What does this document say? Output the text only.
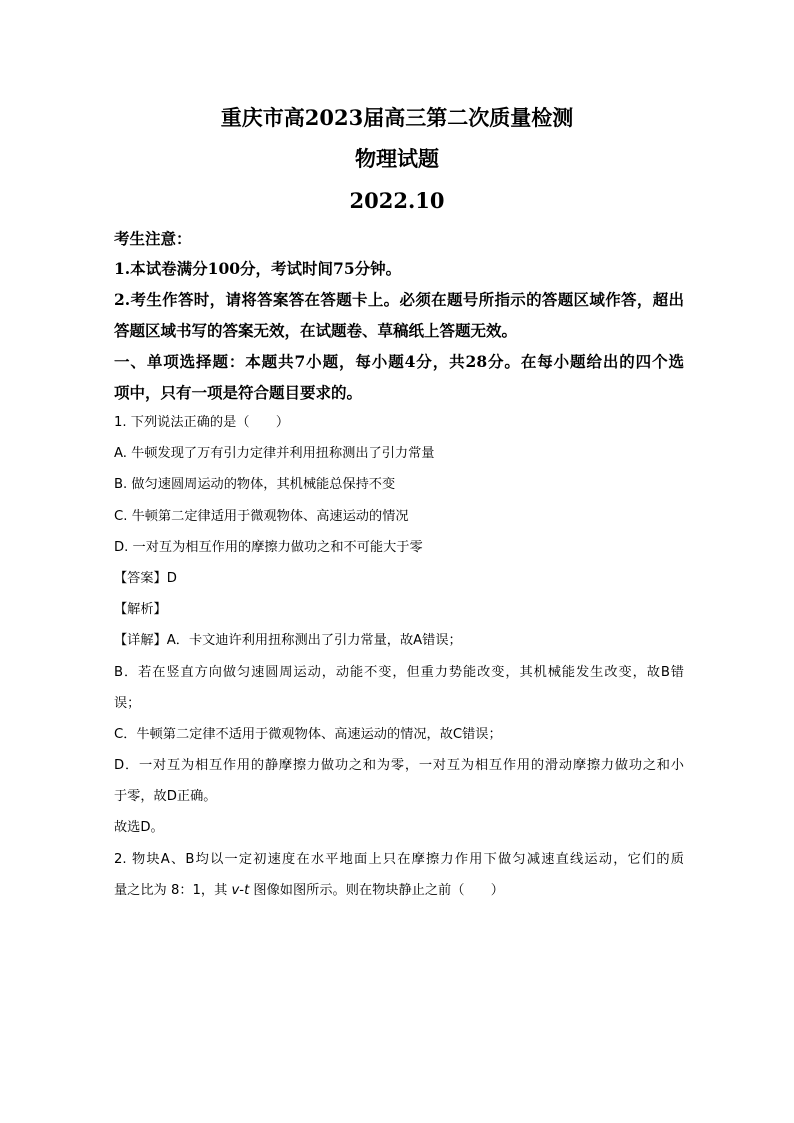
重庆市高2023届高三第二次质量检测
物理试题
2022.10
考生注意：
1.本试卷满分100分，考试时间75分钟。
2.考生作答时，请将答案答在答题卡上。必须在题号所指示的答题区域作答，超出
答题区域书写的答案无效，在试题卷、草稿纸上答题无效。
一、单项选择题：本题共7小题，每小题4分，共28分。在每小题给出的四个选
项中，只有一项是符合题目要求的。
1. 下列说法正确的是（　　）
A. 牛顿发现了万有引力定律并利用扭称测出了引力常量
B. 做匀速圆周运动的物体，其机械能总保持不变
C. 牛顿第二定律适用于微观物体、高速运动的情况
D. 一对互为相互作用的摩擦力做功之和不可能大于零
【答案】D
【解析】
【详解】A．卡文迪许利用扭称测出了引力常量，故A错误；
B．若在竖直方向做匀速圆周运动，动能不变，但重力势能改变，其机械能发生改变，故B错
误；
C．牛顿第二定律不适用于微观物体、高速运动的情况，故C错误；
D．一对互为相互作用的静摩擦力做功之和为零，一对互为相互作用的滑动摩擦力做功之和小
于零，故D正确。
故选D。
2. 物块A、B均以一定初速度在水平地面上只在摩擦力作用下做匀减速直线运动，它们的质
量之比为 8：1，其 v-t 图像如图所示。则在物块静止之前（　　）
